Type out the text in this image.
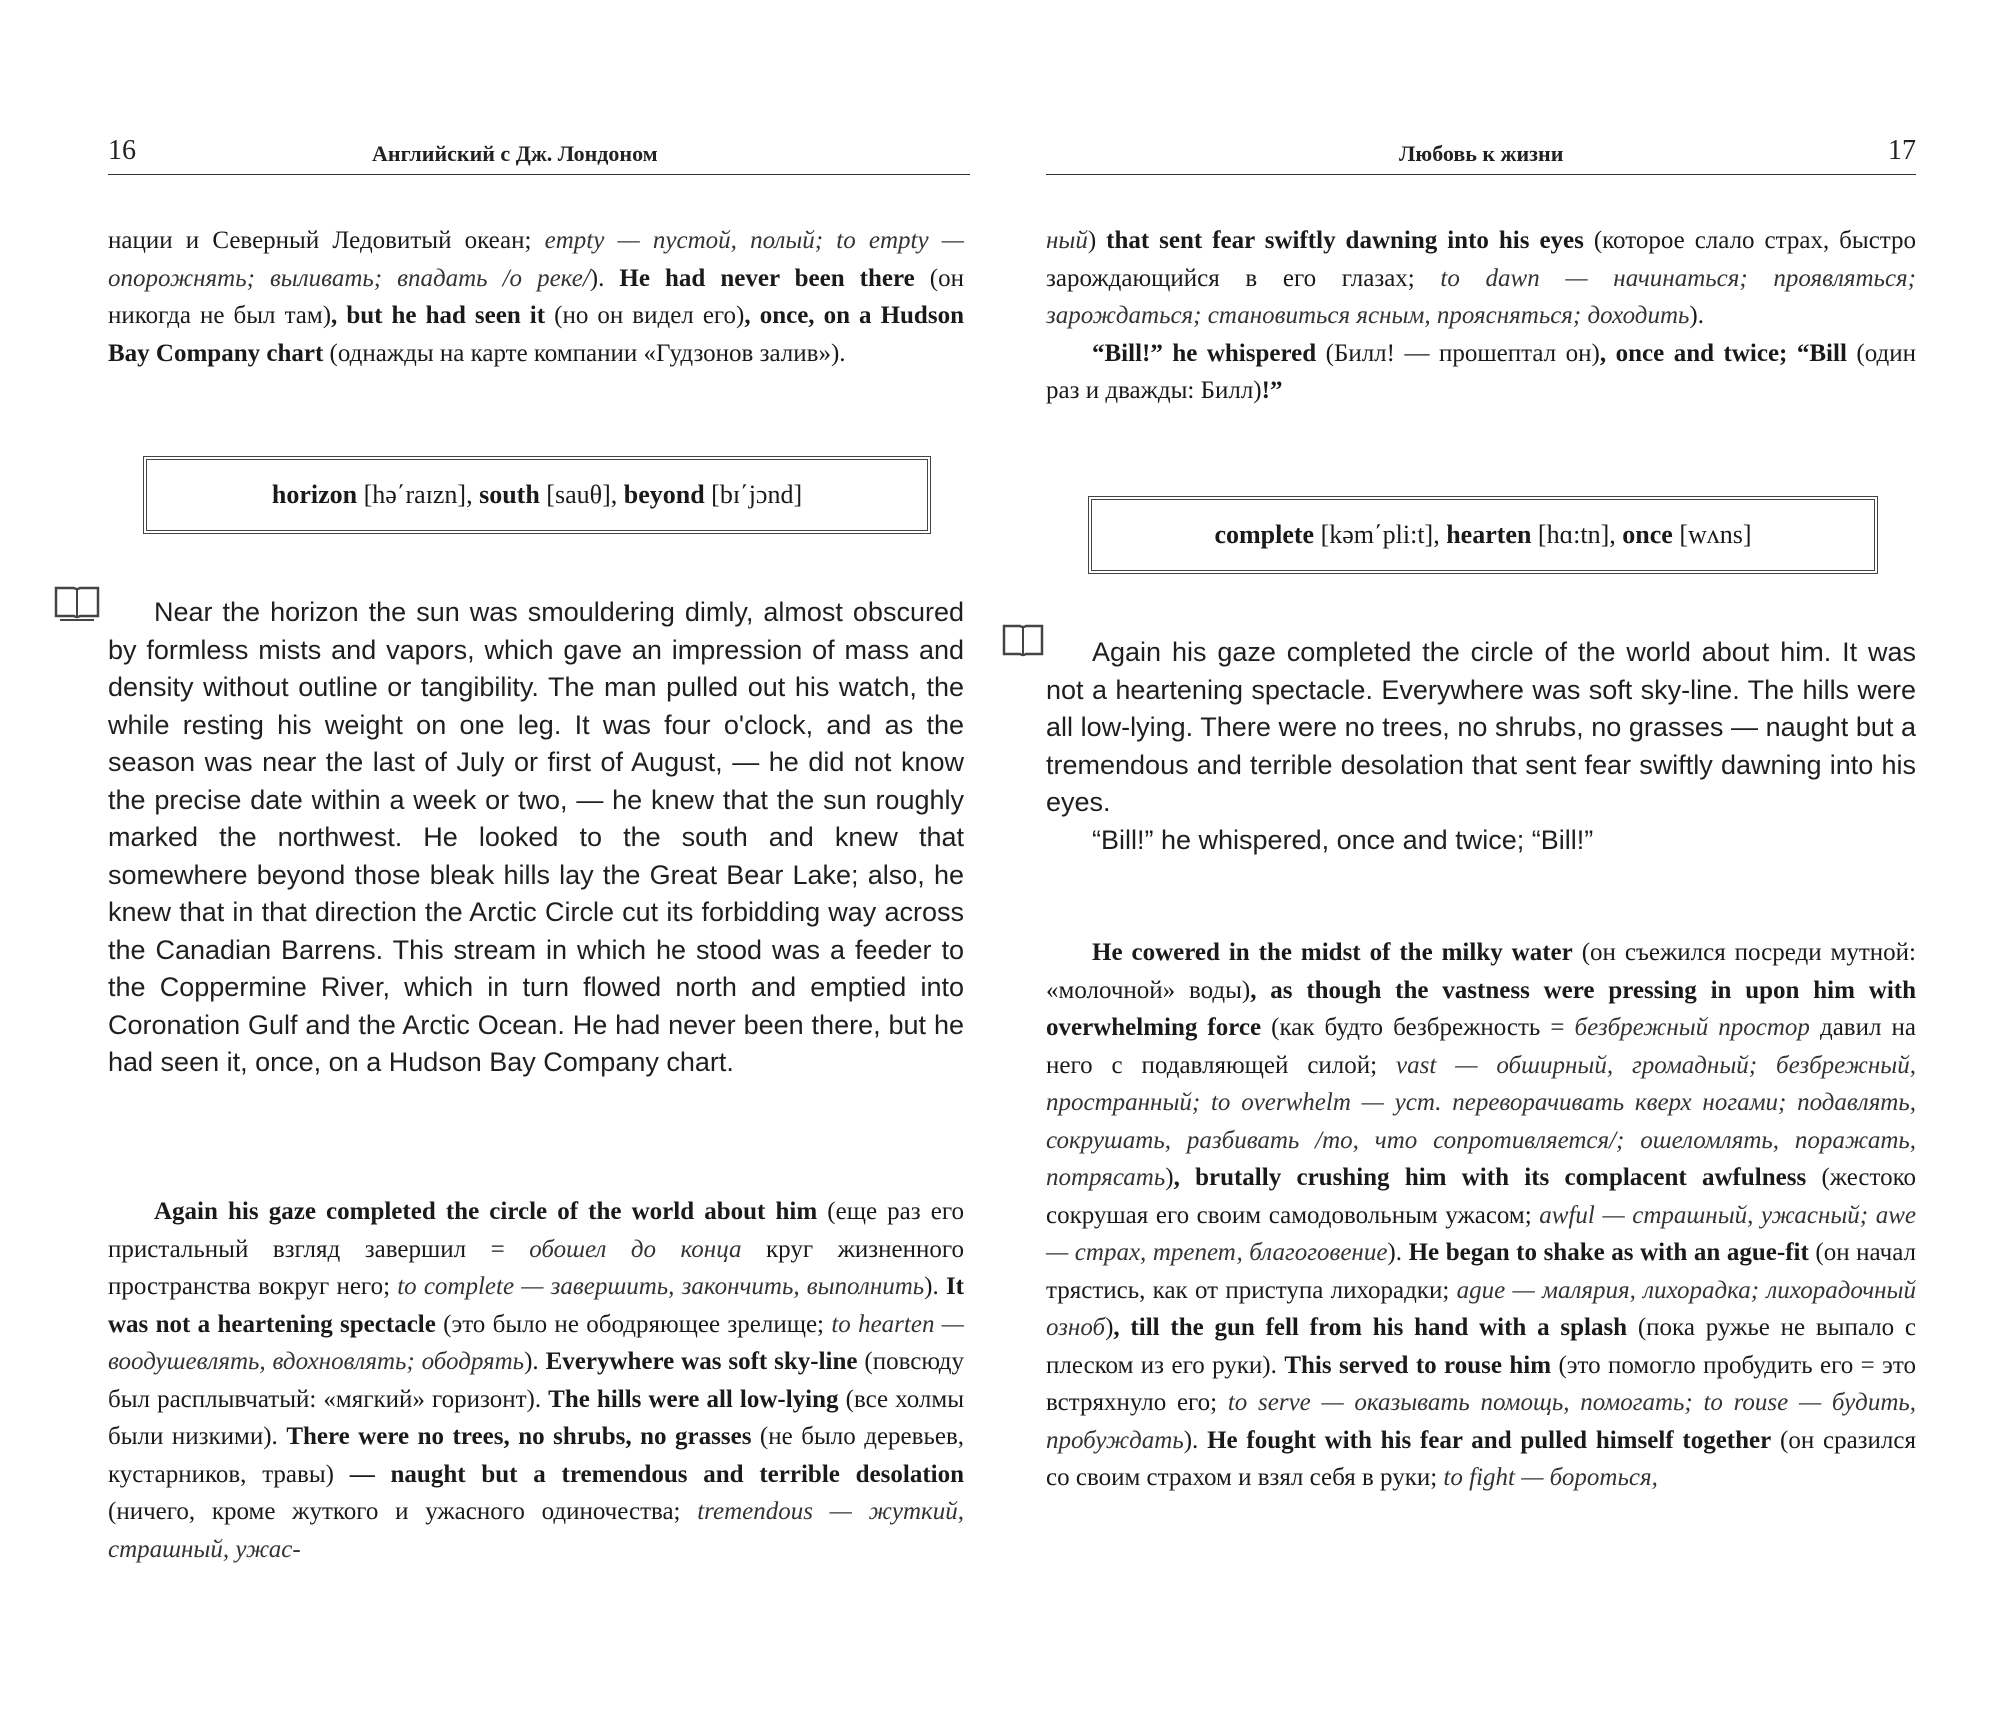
16	Английский с Дж. Лондоном

нации и Северный Ледовитый океан; empty — пустой, полый; to empty — опорожнять; выливать; впадать /о реке/). He had never been there (он никогда не был там), but he had seen it (но он видел его), once, on a Hudson Bay Company chart (однажды на карте компании «Гудзонов залив»).

horizon [hə΄raɪzn], south [sauθ], beyond [bɪ΄jɔnd]

Near the horizon the sun was smouldering dimly, almost obscured by formless mists and vapors, which gave an impression of mass and density without outline or tangibility. The man pulled out his watch, the while resting his weight on one leg. It was four o'clock, and as the season was near the last of July or first of August, — he did not know the precise date within a week or two, — he knew that the sun roughly marked the northwest. He looked to the south and knew that somewhere beyond those bleak hills lay the Great Bear Lake; also, he knew that in that direction the Arctic Circle cut its forbidding way across the Canadian Barrens. This stream in which he stood was a feeder to the Coppermine River, which in turn flowed north and emptied into Coronation Gulf and the Arctic Ocean. He had never been there, but he had seen it, once, on a Hudson Bay Company chart.

Again his gaze completed the circle of the world about him (еще раз его пристальный взгляд завершил = обошел до конца круг жизненного пространства вокруг него; to complete — завершить, закончить, выполнить). It was not a heartening spectacle (это было не ободряющее зрелище; to hearten — воодушевлять, вдохновлять; ободрять). Everywhere was soft sky-line (повсюду был расплывчатый: «мягкий» горизонт). The hills were all low-lying (все холмы были низкими). There were no trees, no shrubs, no grasses (не было деревьев, кустарников, травы) — naught but a tremendous and terrible desolation (ничего, кроме жуткого и ужасного одиночества; tremendous — жуткий, страшный, ужас-

Любовь к жизни	17

ный) that sent fear swiftly dawning into his eyes (которое слало страх, быстро зарождающийся в его глазах; to dawn — начинаться; проявляться; зарождаться; становиться ясным, проясняться; доходить).

“Bill!” he whispered (Билл! — прошептал он), once and twice; “Bill (один раз и дважды: Билл)!”

complete [kəm΄pli:t], hearten [hɑ:tn], once [wʌns]

Again his gaze completed the circle of the world about him. It was not a heartening spectacle. Everywhere was soft sky-line. The hills were all low-lying. There were no trees, no shrubs, no grasses — naught but a tremendous and terrible desolation that sent fear swiftly dawning into his eyes.

“Bill!” he whispered, once and twice; “Bill!”

He cowered in the midst of the milky water (он съежился посреди мутной: «молочной» воды), as though the vastness were pressing in upon him with overwhelming force (как будто безбрежность = безбрежный простор давил на него с подавляющей силой; vast — обширный, громадный; безбрежный, пространный; to overwhelm — уст. переворачивать кверх ногами; подавлять, сокрушать, разбивать /то, что сопротивляется/; ошеломлять, поражать, потрясать), brutally crushing him with its complacent awfulness (жестоко сокрушая его своим самодовольным ужасом; awful — страшный, ужасный; awe — страх, трепет, благоговение). He began to shake as with an ague-fit (он начал трястись, как от приступа лихорадки; ague — малярия, лихорадка; лихорадочный озноб), till the gun fell from his hand with a splash (пока ружье не выпало с плеском из его руки). This served to rouse him (это помогло пробудить его = это встряхнуло его; to serve — оказывать помощь, помогать; to rouse — будить, пробуждать). He fought with his fear and pulled himself together (он сразился со своим страхом и взял себя в руки; to fight — бороться,
